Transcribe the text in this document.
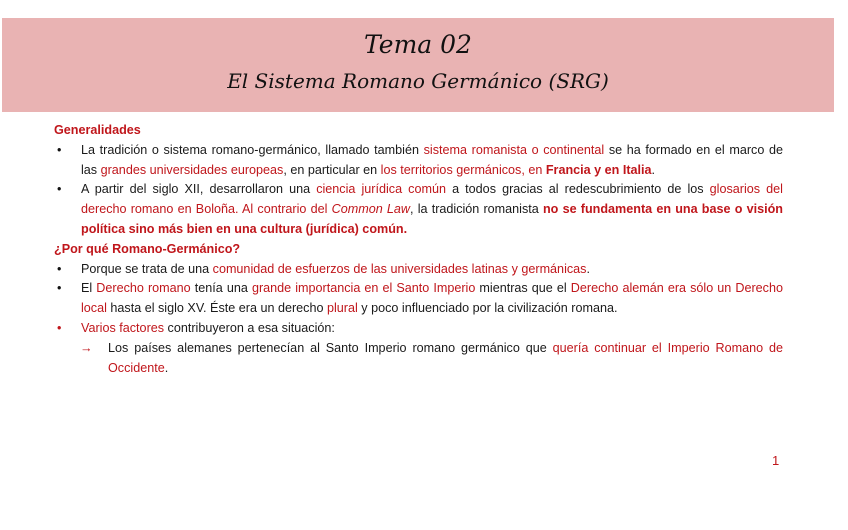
Tema 02
El Sistema Romano Germánico (SRG)
Generalidades
• La tradición o sistema romano-germánico, llamado también sistema romanista o continental se ha formado en el marco de las grandes universidades europeas, en particular en los territorios germánicos, en Francia y en Italia.
• A partir del siglo XII, desarrollaron una ciencia jurídica común a todos gracias al redescubrimiento de los glosarios del derecho romano en Boloña. Al contrario del Common Law, la tradición romanista no se fundamenta en una base o visión política sino más bien en una cultura (jurídica) común.
¿Por qué Romano-Germánico?
• Porque se trata de una comunidad de esfuerzos de las universidades latinas y germánicas.
• El Derecho romano tenía una grande importancia en el Santo Imperio mientras que el Derecho alemán era sólo un Derecho local hasta el siglo XV. Éste era un derecho plural y poco influenciado por la civilización romana.
• Varios factores contribuyeron a esa situación:
→ Los países alemanes pertenecían al Santo Imperio romano germánico que quería continuar el Imperio Romano de Occidente.
1
